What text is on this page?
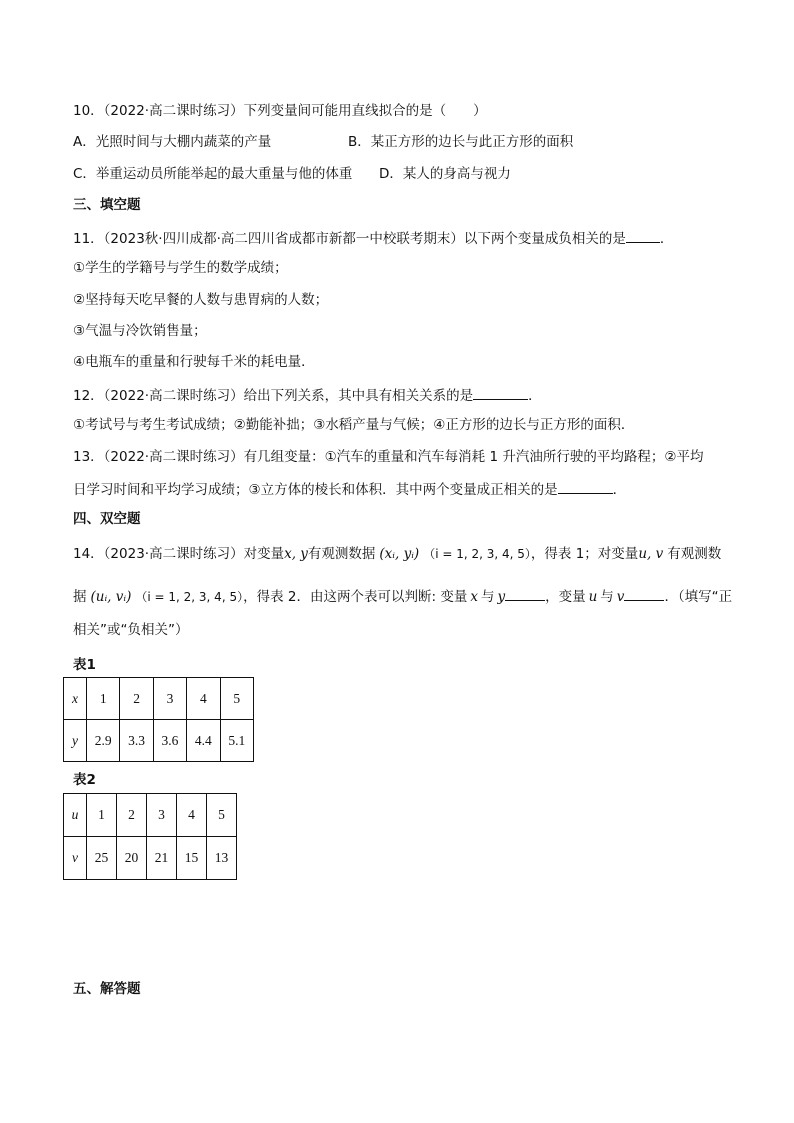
10．（2022·高二课时练习）下列变量间可能用直线拟合的是（　　）
A．光照时间与大棚内蔬菜的产量	B．某正方形的边长与此正方形的面积
C．举重运动员所能举起的最大重量与他的体重 D．某人的身高与视力
三、填空题
11．（2023秋·四川成都·高二四川省成都市新都一中校联考期末）以下两个变量成负相关的是	．
①学生的学籍号与学生的数学成绩；
②坚持每天吃早餐的人数与患胃病的人数；
③气温与冷饮销售量；
④电瓶车的重量和行驶每千米的耗电量．
12．（2022·高二课时练习）给出下列关系，其中具有相关关系的是	．
①考试号与考生考试成绩；②勤能补拙；③水稻产量与气候；④正方形的边长与正方形的面积．
13．（2022·高二课时练习）有几组变量：①汽车的重量和汽车每消耗 1 升汽油所行驶的平均路程；②平均
日学习时间和平均学习成绩；③立方体的棱长和体积．其中两个变量成正相关的是	．
四、双空题
14．（2023·高二课时练习）对变量x, y有观测数据 (xᵢ, yᵢ) （i = 1, 2, 3, 4, 5），得表 1；对变量u, v 有观测数
据 (uᵢ, vᵢ) （i = 1, 2, 3, 4, 5），得表 2．由这两个表可以判断: 变量 x 与 y	，变量 u 与 v	．（填写“正
相关”或“负相关”）
表1
x	1	2	3	4	5
y	2.9	3.3	3.6	4.4	5.1
表2
u	1	2	3	4	5
v	25	20	21	15	13
五、解答题
